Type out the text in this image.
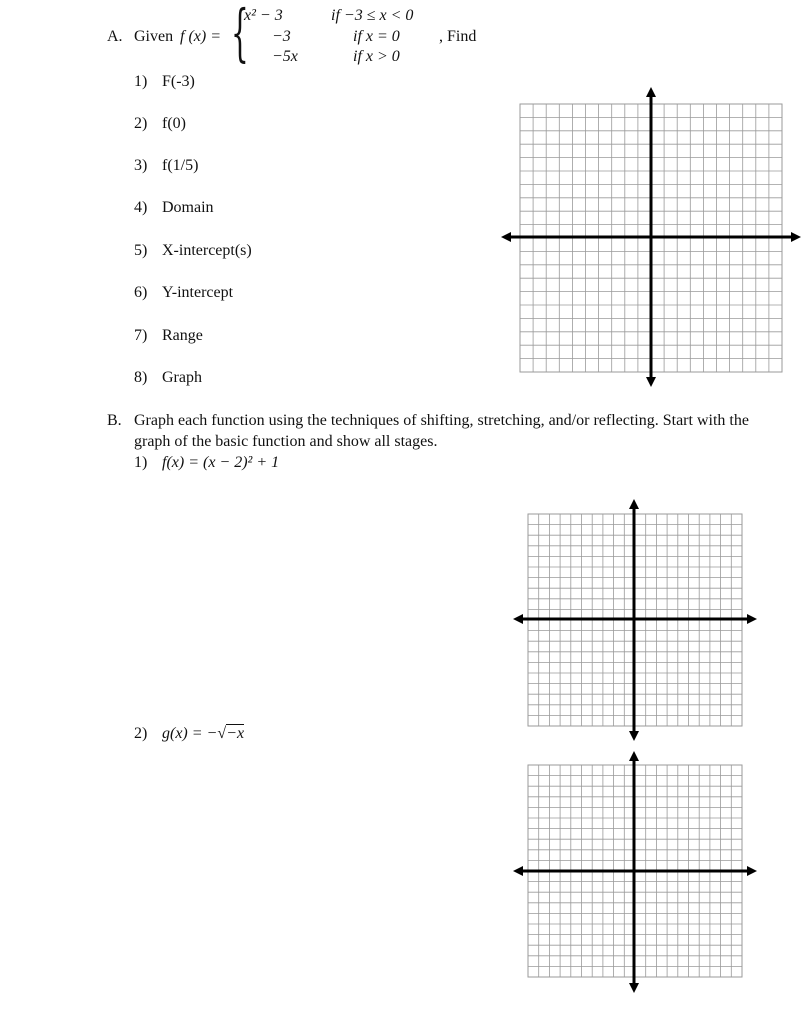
A. Given f (x) = {
x² − 3	if −3 ≤ x < 0
−3	if x = 0
−5x	if x > 0
, Find
1) F(-3)
2) f(0)
3) f(1/5)
4) Domain
5) X-intercept(s)
6) Y-intercept
7) Range
8) Graph
B. Graph each function using the techniques of shifting, stretching, and/or reflecting. Start with the
graph of the basic function and show all stages.
1) f(x) = (x − 2)² + 1
2) g(x) = −√−x
